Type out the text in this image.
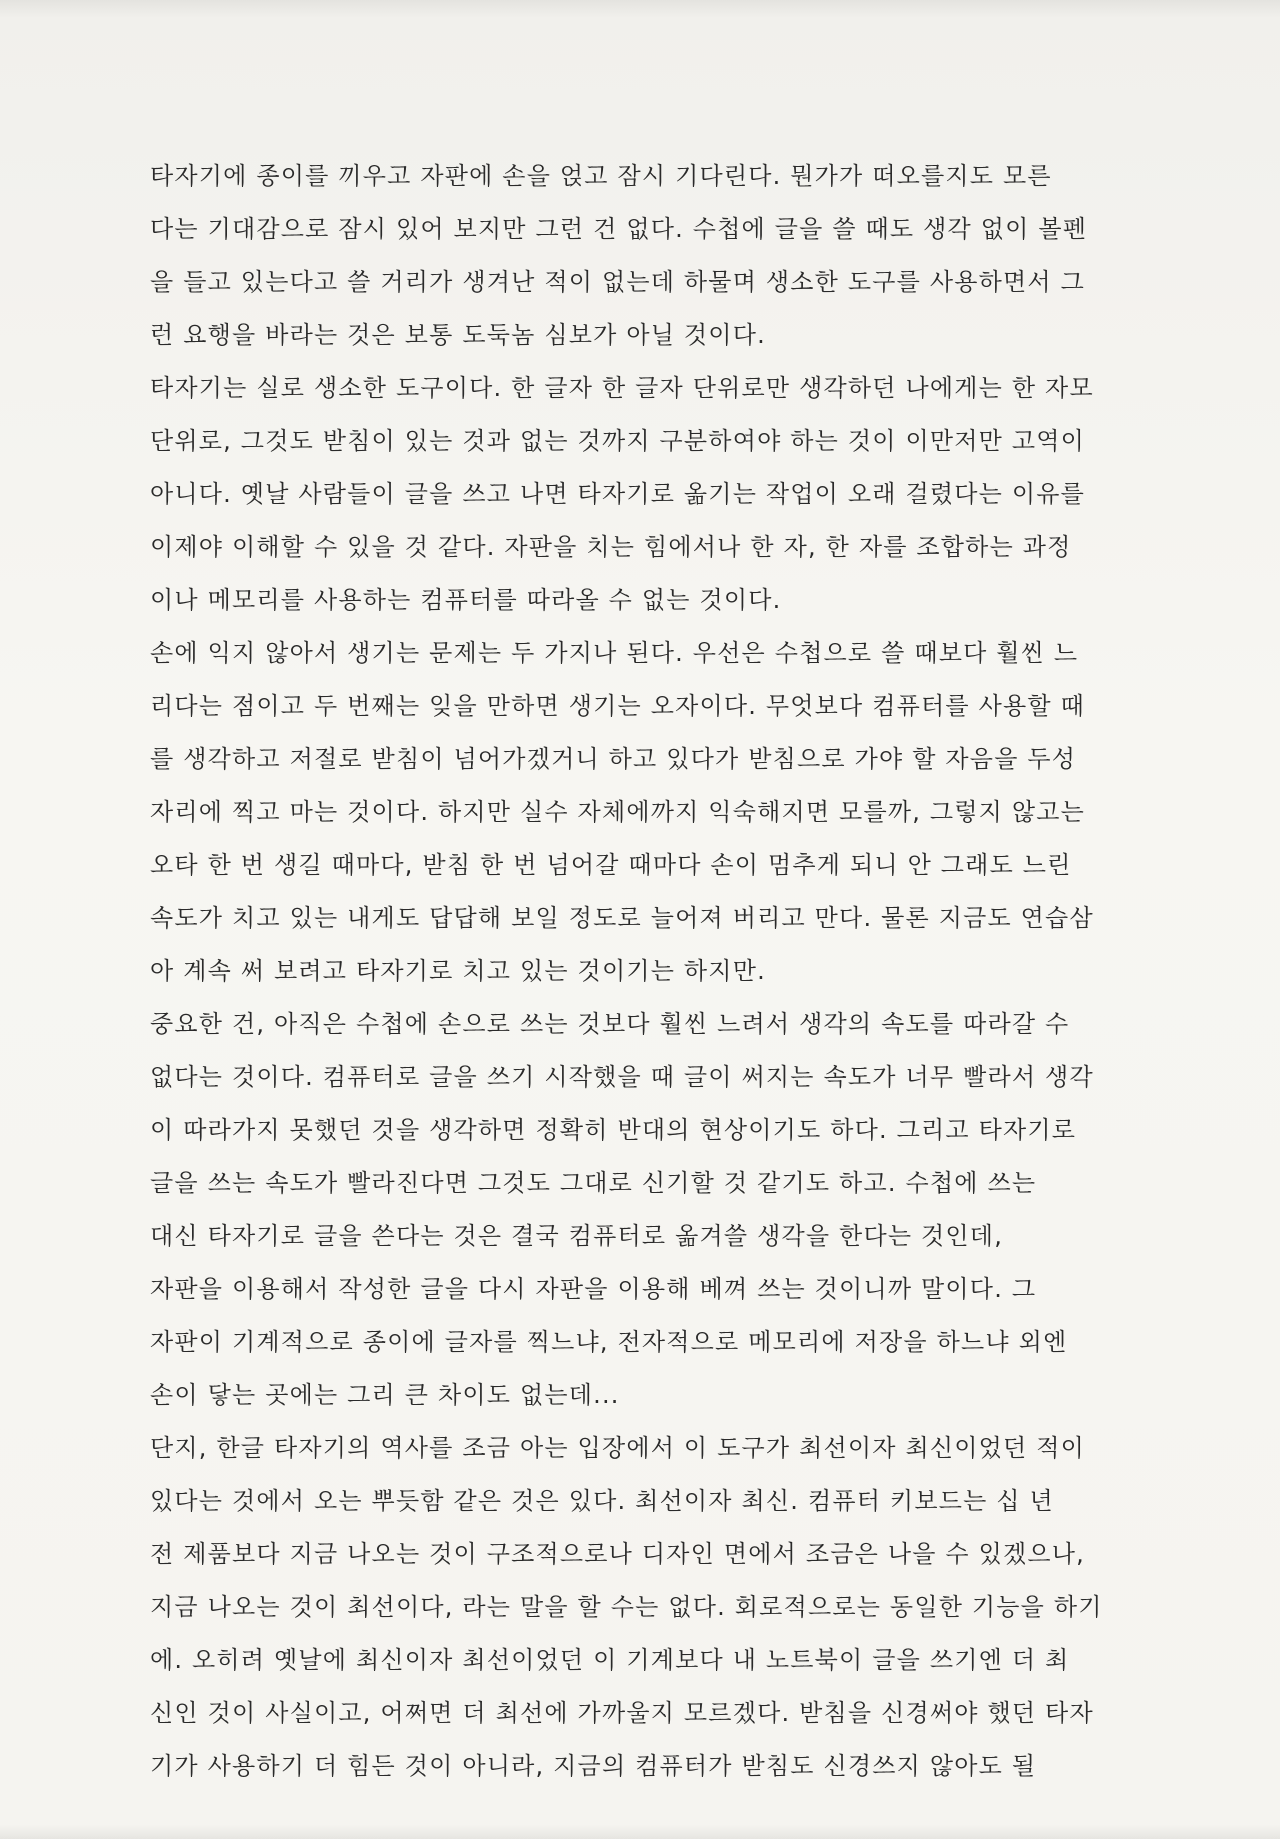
타자기에 종이를 끼우고 자판에 손을 얹고 잠시 기다린다. 뭔가가 떠오를지도 모른
다는 기대감으로 잠시 있어 보지만 그런 건 없다. 수첩에 글을 쓸 때도 생각 없이 볼펜
을 들고 있는다고 쓸 거리가 생겨난 적이 없는데 하물며 생소한 도구를 사용하면서 그
런 요행을 바라는 것은 보통 도둑놈 심보가 아닐 것이다.
타자기는 실로 생소한 도구이다. 한 글자 한 글자 단위로만 생각하던 나에게는 한 자모
단위로, 그것도 받침이 있는 것과 없는 것까지 구분하여야 하는 것이 이만저만 고역이
아니다. 옛날 사람들이 글을 쓰고 나면 타자기로 옮기는 작업이 오래 걸렸다는 이유를
이제야 이해할 수 있을 것 같다. 자판을 치는 힘에서나 한 자, 한 자를 조합하는 과정
이나 메모리를 사용하는 컴퓨터를 따라올 수 없는 것이다.
손에 익지 않아서 생기는 문제는 두 가지나 된다. 우선은 수첩으로 쓸 때보다 훨씬 느
리다는 점이고 두 번째는 잊을 만하면 생기는 오자이다. 무엇보다 컴퓨터를 사용할 때
를 생각하고 저절로 받침이 넘어가겠거니 하고 있다가 받침으로 가야 할 자음을 두성
자리에 찍고 마는 것이다. 하지만 실수 자체에까지 익숙해지면 모를까, 그렇지 않고는
오타 한 번 생길 때마다, 받침 한 번 넘어갈 때마다 손이 멈추게 되니 안 그래도 느린
속도가 치고 있는 내게도 답답해 보일 정도로 늘어져 버리고 만다. 물론 지금도 연습삼
아 계속 써 보려고 타자기로 치고 있는 것이기는 하지만.
중요한 건, 아직은 수첩에 손으로 쓰는 것보다 훨씬 느려서 생각의 속도를 따라갈 수
없다는 것이다. 컴퓨터로 글을 쓰기 시작했을 때 글이 써지는 속도가 너무 빨라서 생각
이 따라가지 못했던 것을 생각하면 정확히 반대의 현상이기도 하다. 그리고 타자기로
글을 쓰는 속도가 빨라진다면 그것도 그대로 신기할 것 같기도 하고. 수첩에 쓰는
대신 타자기로 글을 쓴다는 것은 결국 컴퓨터로 옮겨쓸 생각을 한다는 것인데,
자판을 이용해서 작성한 글을 다시 자판을 이용해 베껴 쓰는 것이니까 말이다. 그
자판이 기계적으로 종이에 글자를 찍느냐, 전자적으로 메모리에 저장을 하느냐 외엔
손이 닿는 곳에는 그리 큰 차이도 없는데...
단지, 한글 타자기의 역사를 조금 아는 입장에서 이 도구가 최선이자 최신이었던 적이
있다는 것에서 오는 뿌듯함 같은 것은 있다. 최선이자 최신. 컴퓨터 키보드는 십 년
전 제품보다 지금 나오는 것이 구조적으로나 디자인 면에서 조금은 나을 수 있겠으나,
지금 나오는 것이 최선이다, 라는 말을 할 수는 없다. 회로적으로는 동일한 기능을 하기
에. 오히려 옛날에 최신이자 최선이었던 이 기계보다 내 노트북이 글을 쓰기엔 더 최
신인 것이 사실이고, 어쩌면 더 최선에 가까울지 모르겠다. 받침을 신경써야 했던 타자
기가 사용하기 더 힘든 것이 아니라, 지금의 컴퓨터가 받침도 신경쓰지 않아도 될
